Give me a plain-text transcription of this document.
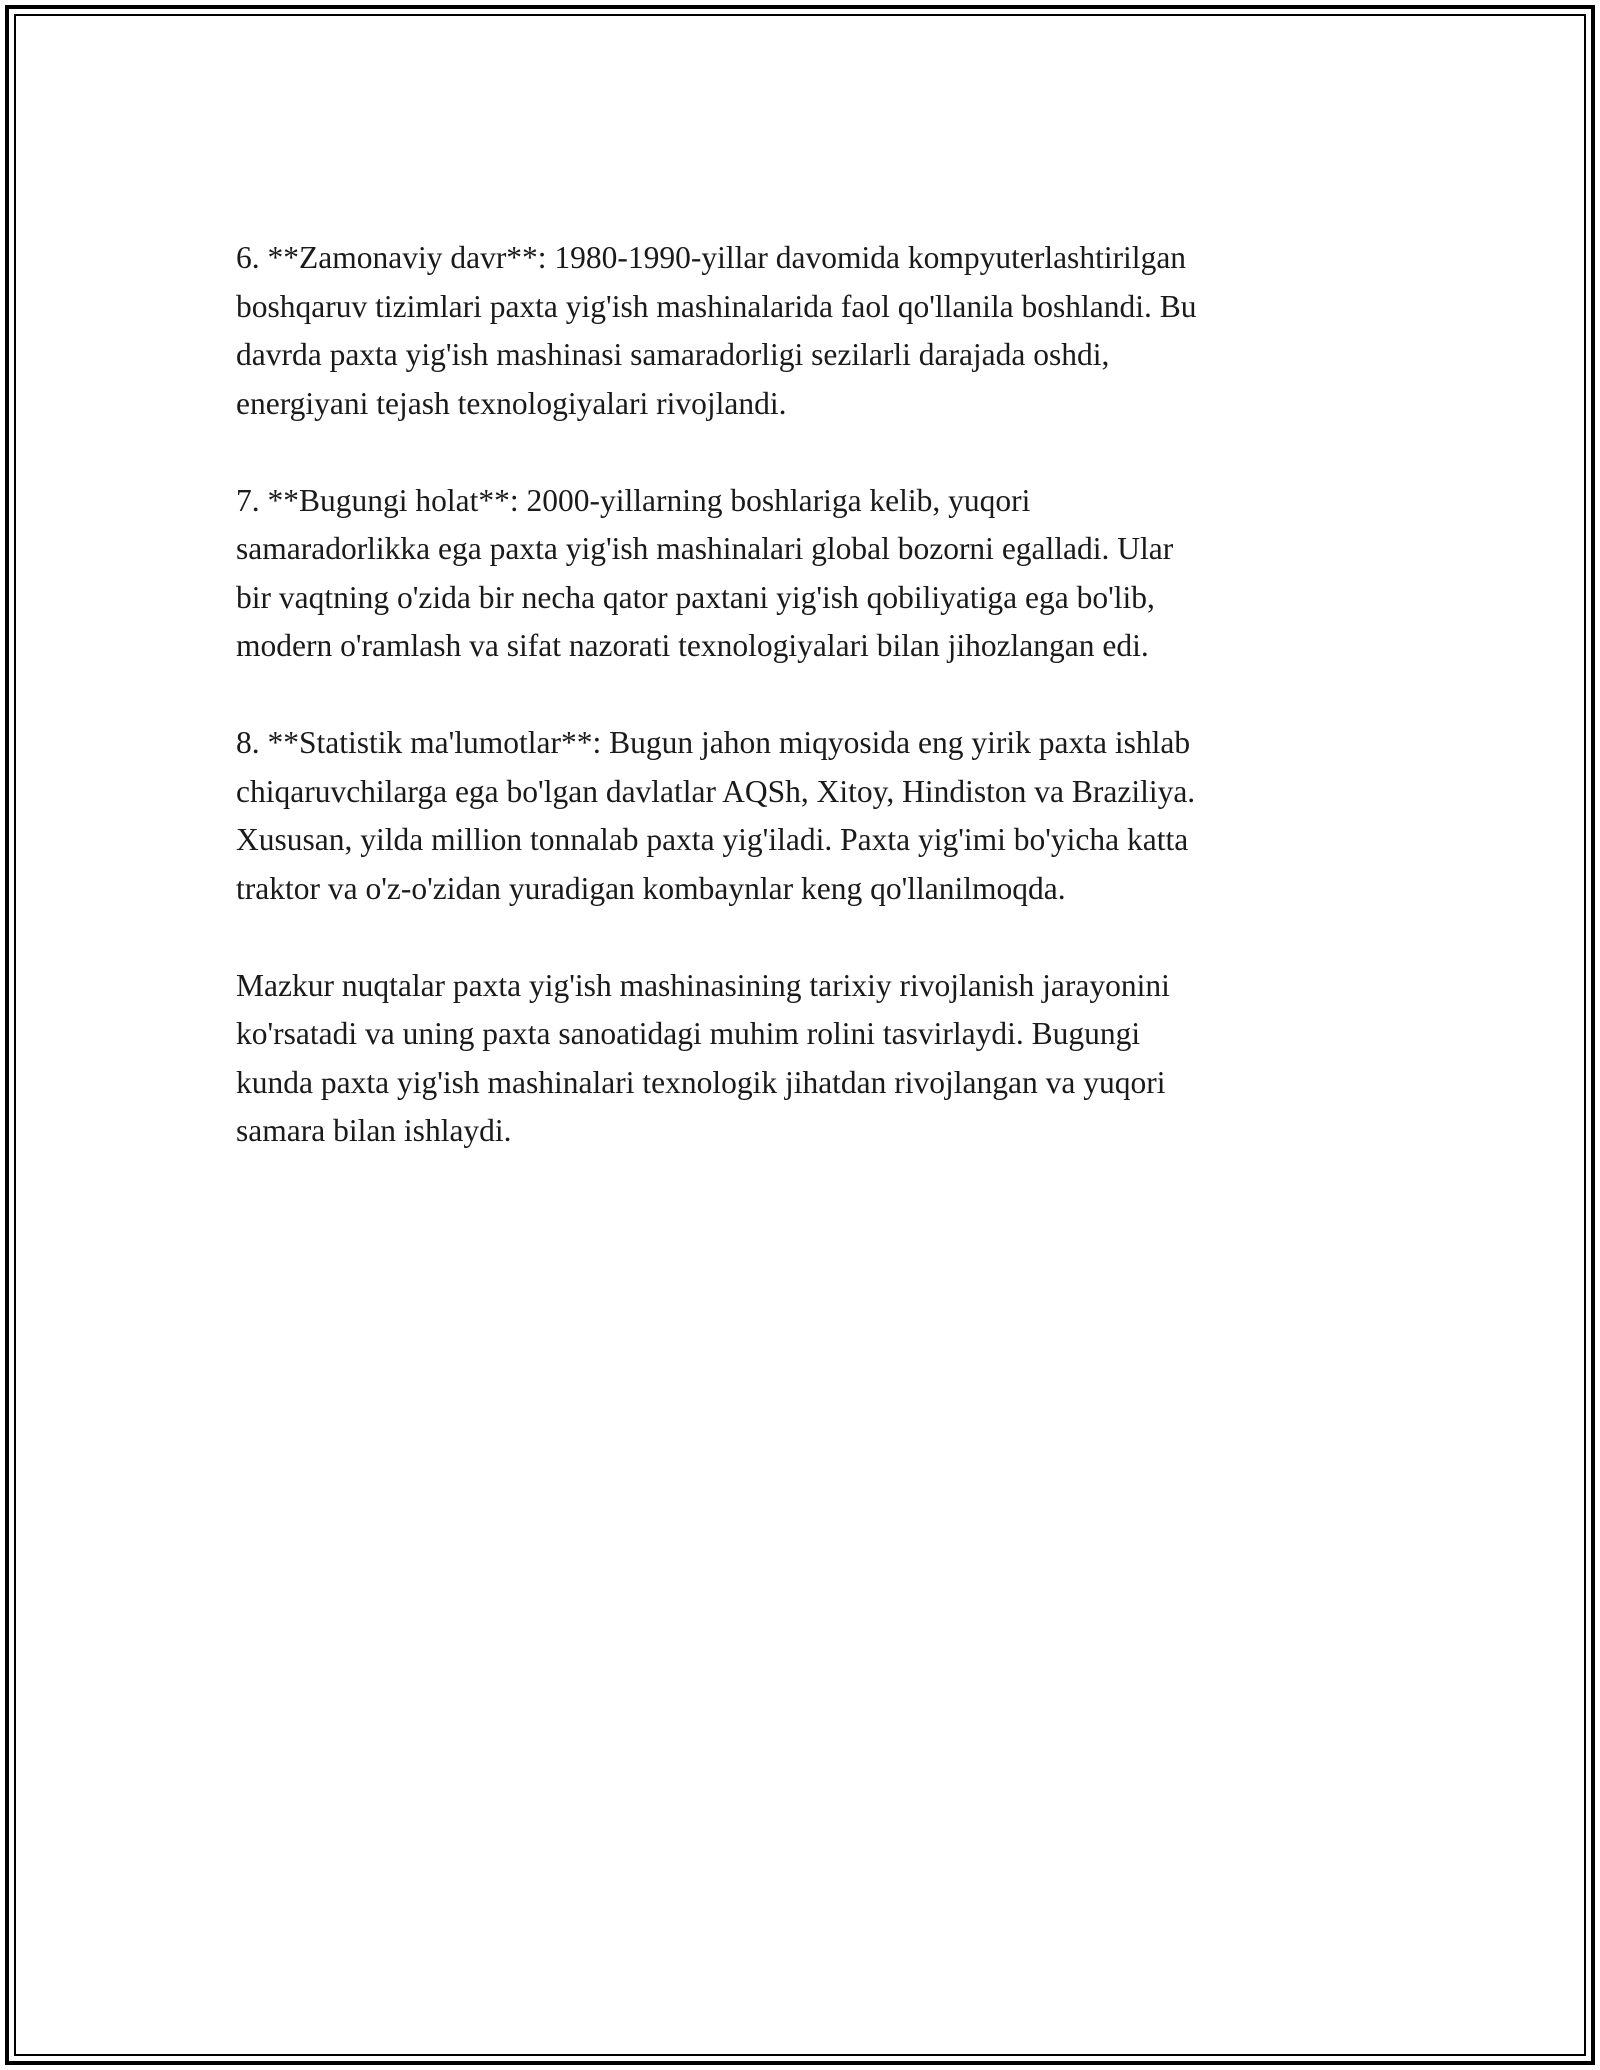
6. **Zamonaviy davr**: 1980-1990-yillar davomida kompyuterlashtirilgan
boshqaruv tizimlari paxta yig'ish mashinalarida faol qo'llanila boshlandi. Bu
davrda paxta yig'ish mashinasi samaradorligi sezilarli darajada oshdi,
energiyani tejash texnologiyalari rivojlandi.

7. **Bugungi holat**: 2000-yillarning boshlariga kelib, yuqori
samaradorlikka ega paxta yig'ish mashinalari global bozorni egalladi. Ular
bir vaqtning o'zida bir necha qator paxtani yig'ish qobiliyatiga ega bo'lib,
modern o'ramlash va sifat nazorati texnologiyalari bilan jihozlangan edi.

8. **Statistik ma'lumotlar**: Bugun jahon miqyosida eng yirik paxta ishlab
chiqaruvchilarga ega bo'lgan davlatlar AQSh, Xitoy, Hindiston va Braziliya.
Xususan, yilda million tonnalab paxta yig'iladi. Paxta yig'imi bo'yicha katta
traktor va o'z-o'zidan yuradigan kombaynlar keng qo'llanilmoqda.

Mazkur nuqtalar paxta yig'ish mashinasining tarixiy rivojlanish jarayonini
ko'rsatadi va uning paxta sanoatidagi muhim rolini tasvirlaydi. Bugungi
kunda paxta yig'ish mashinalari texnologik jihatdan rivojlangan va yuqori
samara bilan ishlaydi.
